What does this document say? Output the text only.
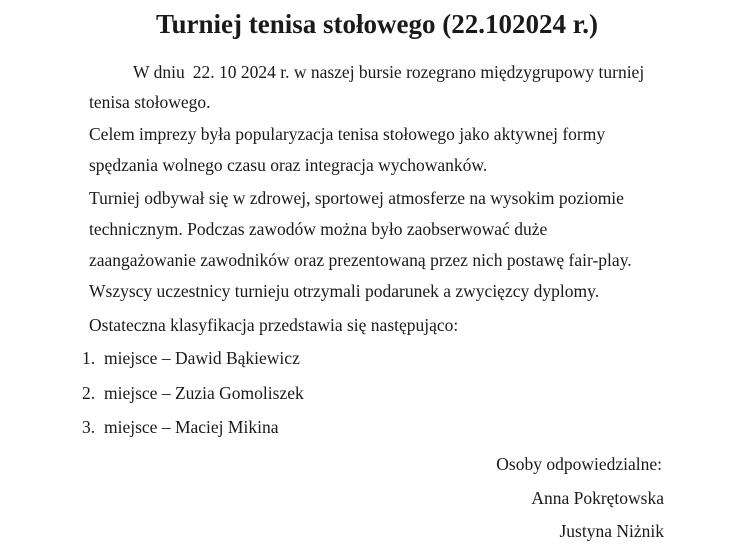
Turniej tenisa stołowego (22.102024 r.)
W dniu 22. 10 2024 r. w naszej bursie rozegrano międzygrupowy turniej
tenisa stołowego.
Celem imprezy była popularyzacja tenisa stołowego jako aktywnej formy
spędzania wolnego czasu oraz integracja wychowanków.
Turniej odbywał się w zdrowej, sportowej atmosferze na wysokim poziomie
technicznym. Podczas zawodów można było zaobserwować duże
zaangażowanie zawodników oraz prezentowaną przez nich postawę fair-play.
Wszyscy uczestnicy turnieju otrzymali podarunek a zwycięzcy dyplomy.
Ostateczna klasyfikacja przedstawia się następująco:
1. miejsce – Dawid Bąkiewicz
2. miejsce – Zuzia Gomoliszek
3. miejsce – Maciej Mikina
Osoby odpowiedzialne:
Anna Pokrętowska
Justyna Niżnik
